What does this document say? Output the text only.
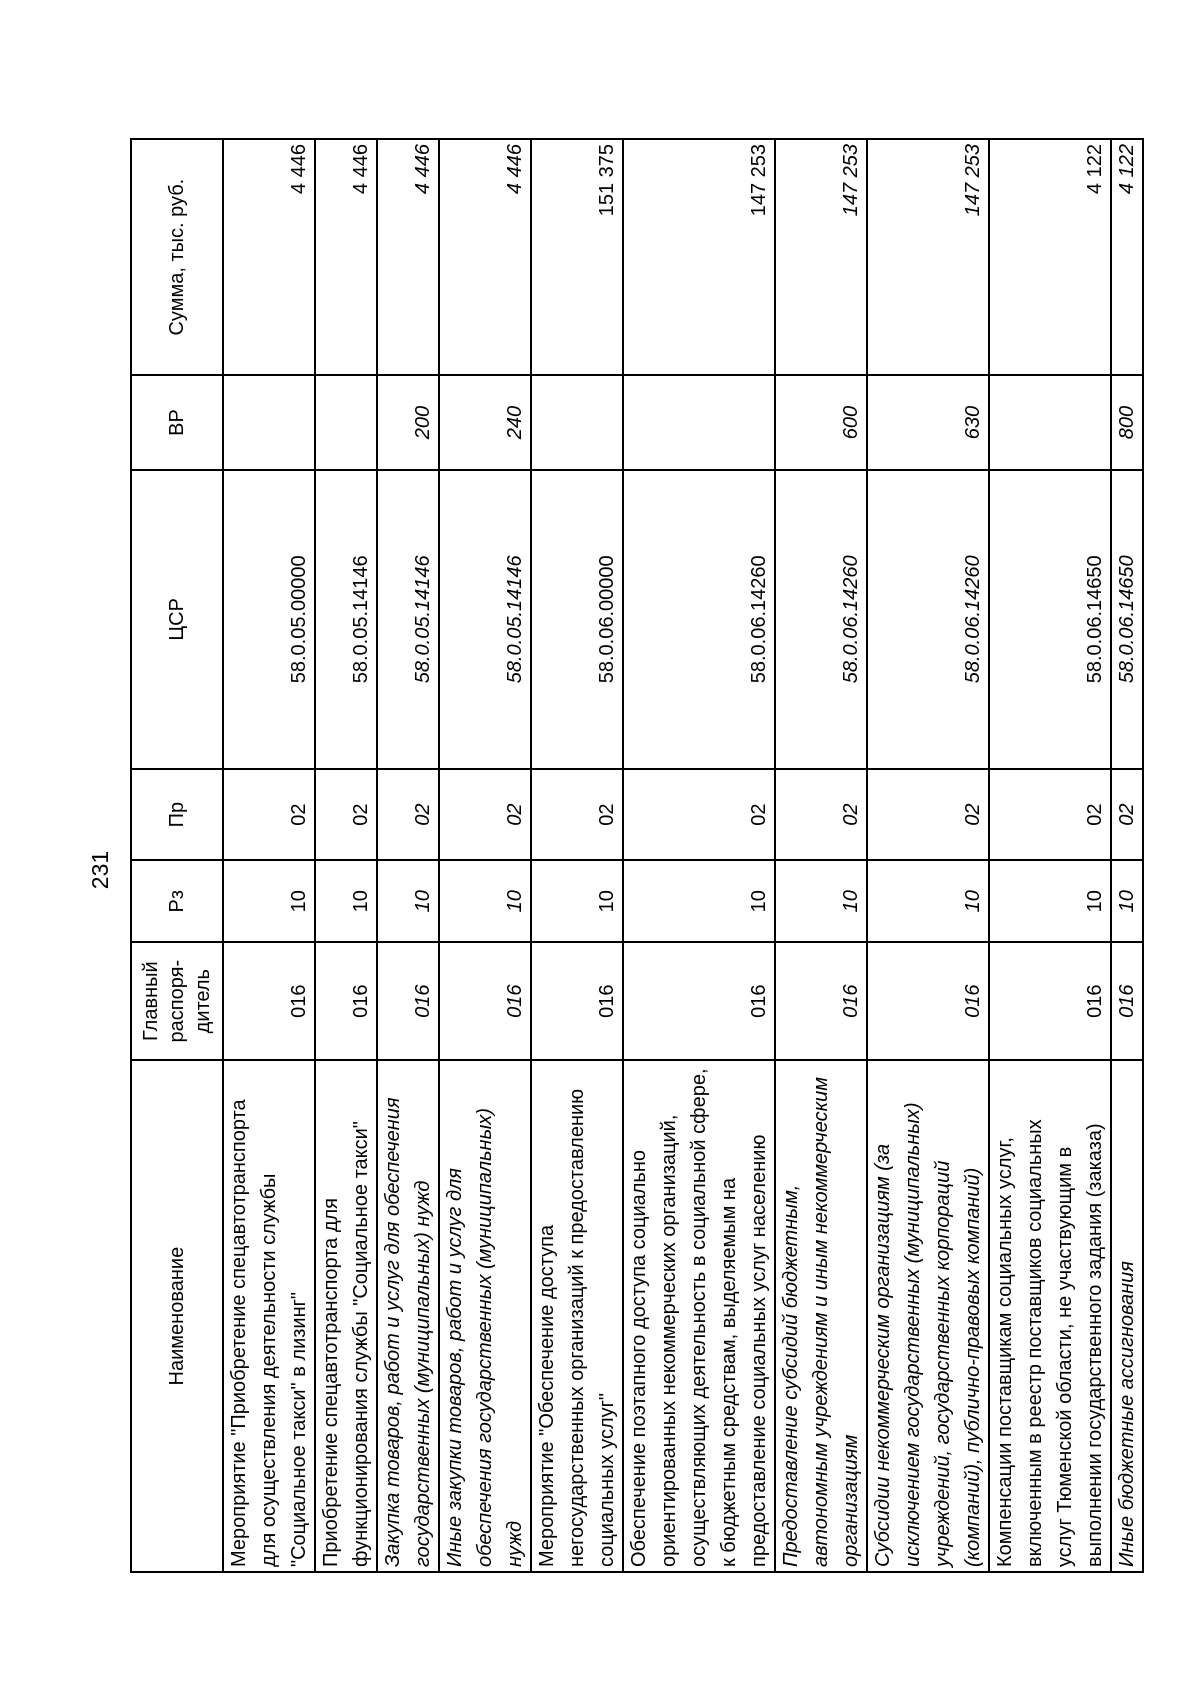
231
Наименование	Главный распоря-дитель	Рз	Пр	ЦСР	ВР	Сумма, тыс. руб.
Мероприятие "Приобретение спецавтотранспорта для осуществления деятельности службы "Социальное такси" в лизинг"	016	10	02	58.0.05.00000		4 446
Приобретение спецавтотранспорта для функционирования службы "Социальное такси"	016	10	02	58.0.05.14146		4 446
Закупка товаров, работ и услуг для обеспечения государственных (муниципальных) нужд	016	10	02	58.0.05.14146	200	4 446
Иные закупки товаров, работ и услуг для обеспечения государственных (муниципальных) нужд	016	10	02	58.0.05.14146	240	4 446
Мероприятие "Обеспечение доступа негосударственных организаций к предоставлению социальных услуг"	016	10	02	58.0.06.00000		151 375
Обеспечение поэтапного доступа социально ориентированных некоммерческих организаций, осуществляющих деятельность в социальной сфере, к бюджетным средствам, выделяемым на предоставление социальных услуг населению	016	10	02	58.0.06.14260		147 253
Предоставление субсидий бюджетным, автономным учреждениям и иным некоммерческим организациям	016	10	02	58.0.06.14260	600	147 253
Субсидии некоммерческим организациям (за исключением государственных (муниципальных) учреждений, государственных корпораций (компаний), публично-правовых компаний)	016	10	02	58.0.06.14260	630	147 253
Компенсации поставщикам социальных услуг, включенным в реестр поставщиков социальных услуг Тюменской области, не участвующим в выполнении государственного задания (заказа)	016	10	02	58.0.06.14650		4 122
Иные бюджетные ассигнования	016	10	02	58.0.06.14650	800	4 122
